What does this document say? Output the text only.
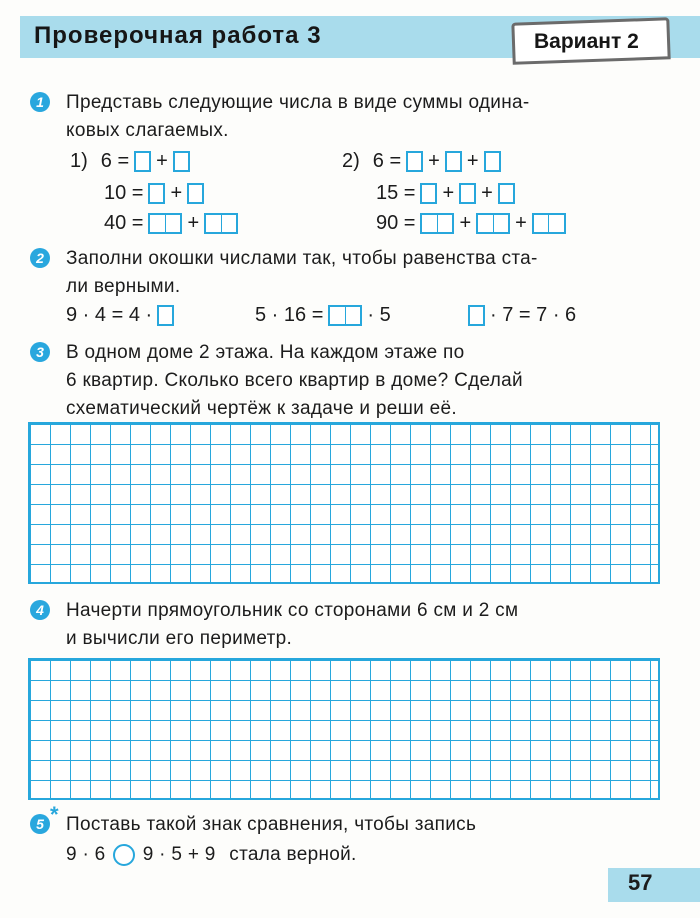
Проверочная работа 3	Вариант 2
1	Представь следующие числа в виде суммы одина-
ковых слагаемых.
1) 6 = +
10 = +
40 = +
2) 6 = + +
15 = + +
90 = + +
2	Заполни окошки числами так, чтобы равенства ста-
ли верными.
9 · 4 = 4 ·	5 · 16 = · 5	· 7 = 7 · 6
3	В одном доме 2 этажа. На каждом этаже по
6 квартир. Сколько всего квартир в доме? Сделай
схематический чертёж к задаче и реши её.
4	Начерти прямоугольник со сторонами 6 см и 2 см
и вычисли его периметр.
5 * Поставь такой знак сравнения, чтобы запись
9 · 6 9 · 5 + 9 стала верной.
57
